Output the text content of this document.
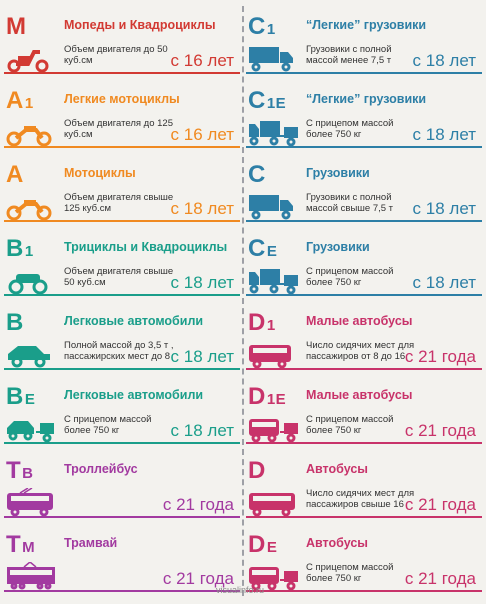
M	Мопеды и Квадроциклы
Объем двигателя до 50 куб.см	с 16 лет
A1 Легкие мотоциклы
Объем двигателя до 125 куб.см	с 16 лет
A	Мотоциклы
Объем двигателя свыше 125 куб.см	с 18 лет
B1 Трициклы и Квадроциклы
Объем двигателя свыше 50 куб.см	с 18 лет
B	Легковые автомобили
Полной массой до 3,5 т , пассажирских мест до 8 с 18 лет
BE Легковые автомобили
С прицепом массой более 750 кг	с 18 лет
TB Троллейбус
с 21 года
TM Трамвай
с 21 года
C1 “Легкие” грузовики
Грузовики с полной массой менее 7,5 т	с 18 лет
C1E “Легкие” грузовики
С прицепом массой более 750 кг	с 18 лет
C	Грузовики
Грузовики с полной массой свыше 7,5 т	с 18 лет
CE Грузовики
С прицепом массой более 750 кг	с 18 лет
D1 Малые автобусы
Число сидячих мест для пассажиров от 8 до 16 с 21 года
D1E Малые автобусы
С прицепом массой более 750 кг	с 21 года
D	Автобусы
Число сидячих мест для пассажиров свыше 16 с 21 года
DE Автобусы
С прицепом массой более 750 кг	с 21 года
visualinfo.ru
